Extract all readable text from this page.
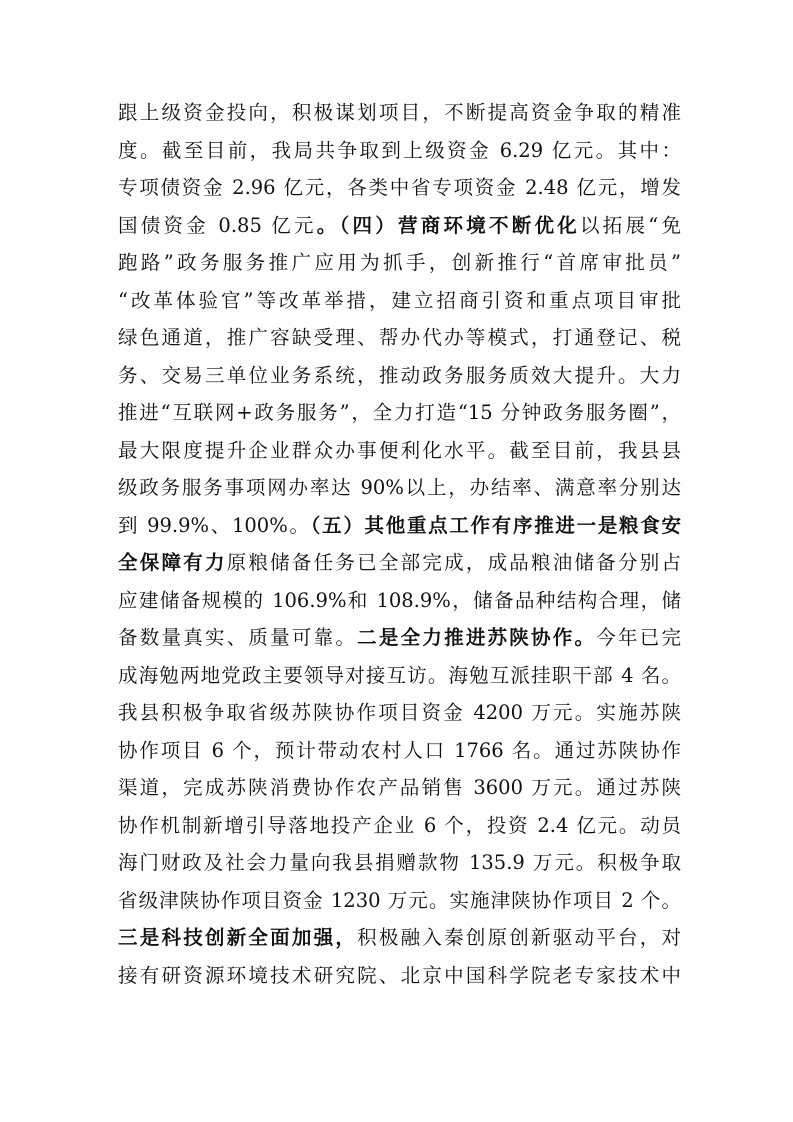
跟上级资金投向，积极谋划项目，不断提高资金争取的精准
度。截至目前，我局共争取到上级资金 6.29 亿元。其中：
专项债资金 2.96 亿元，各类中省专项资金 2.48 亿元，增发
国债资金 0.85 亿元。（四）营商环境不断优化以拓展“免
跑路”政务服务推广应用为抓手，创新推行“首席审批员”
“改革体验官”等改革举措，建立招商引资和重点项目审批
绿色通道，推广容缺受理、帮办代办等模式，打通登记、税
务、交易三单位业务系统，推动政务服务质效大提升。大力
推进“互联网+政务服务”，全力打造“15 分钟政务服务圈”，
最大限度提升企业群众办事便利化水平。截至目前，我县县
级政务服务事项网办率达 90%以上，办结率、满意率分别达
到 99.9%、100%。（五）其他重点工作有序推进一是粮食安
全保障有力原粮储备任务已全部完成，成品粮油储备分别占
应建储备规模的 106.9%和 108.9%，储备品种结构合理，储
备数量真实、质量可靠。二是全力推进苏陕协作。今年已完
成海勉两地党政主要领导对接互访。海勉互派挂职干部 4 名。
我县积极争取省级苏陕协作项目资金 4200 万元。实施苏陕
协作项目 6 个，预计带动农村人口 1766 名。通过苏陕协作
渠道，完成苏陕消费协作农产品销售 3600 万元。通过苏陕
协作机制新增引导落地投产企业 6 个，投资 2.4 亿元。动员
海门财政及社会力量向我县捐赠款物 135.9 万元。积极争取
省级津陕协作项目资金 1230 万元。实施津陕协作项目 2 个。
三是科技创新全面加强，积极融入秦创原创新驱动平台，对
接有研资源环境技术研究院、北京中国科学院老专家技术中
